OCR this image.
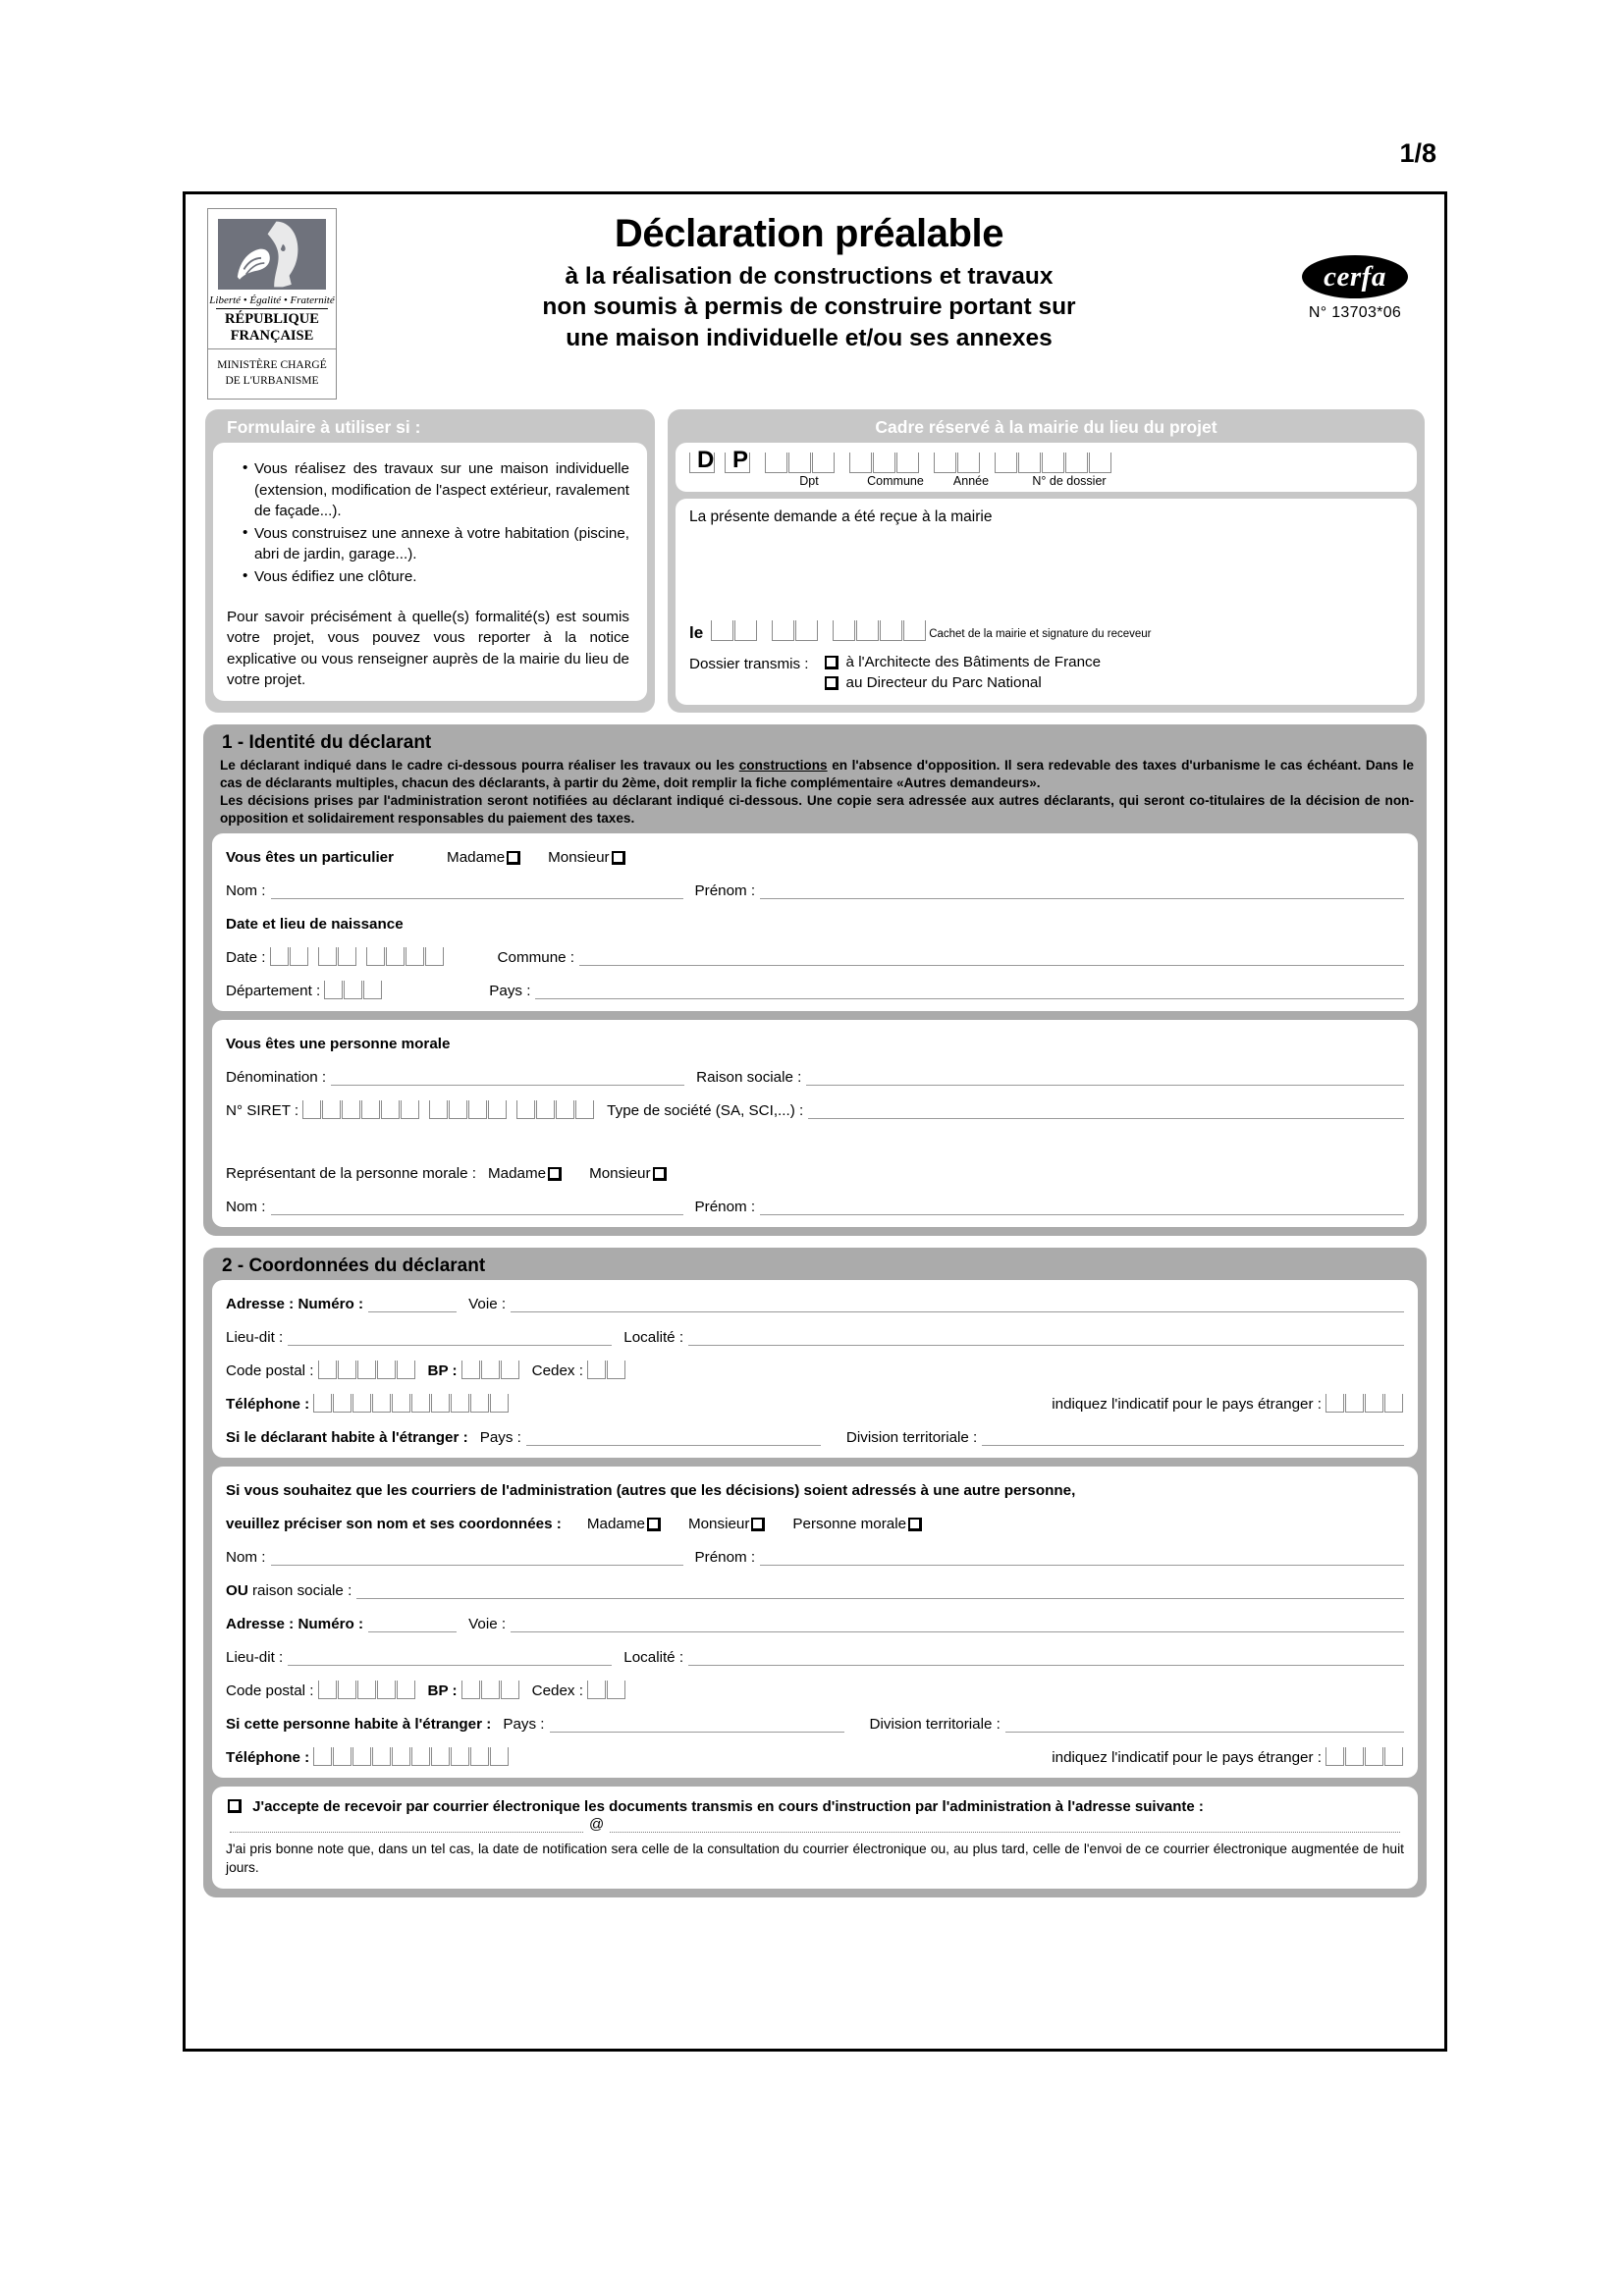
1/8
Liberté • Égalité • Fraternité
RÉPUBLIQUE FRANÇAISE
MINISTÈRE CHARGÉ
DE L'URBANISME
Déclaration préalable
à la réalisation de constructions et travaux
non soumis à permis de construire portant sur
une maison individuelle et/ou ses annexes
cerfa
N° 13703*06
Formulaire à utiliser si :
• Vous réalisez des travaux sur une maison individuelle (extension, modification de l'aspect extérieur, ravalement de façade...).
• Vous construisez une annexe à votre habitation (piscine, abri de jardin, garage...).
• Vous édifiez une clôture.

Pour savoir précisément à quelle(s) formalité(s) est soumis votre projet, vous pouvez vous reporter à la notice explicative ou vous renseigner auprès de la mairie du lieu de votre projet.

Cadre réservé à la mairie du lieu du projet
D P
Dpt	Commune	Année	N° de dossier
La présente demande a été reçue à la mairie
le	Cachet de la mairie et signature du receveur
Dossier transmis :	à l'Architecte des Bâtiments de France
au Directeur du Parc National
1 - Identité du déclarant
Le déclarant indiqué dans le cadre ci-dessous pourra réaliser les travaux ou les constructions en l'absence d'opposition. Il sera redevable des taxes d'urbanisme le cas échéant. Dans le cas de déclarants multiples, chacun des déclarants, à partir du 2ème, doit remplir la fiche complémentaire «Autres demandeurs».
Les décisions prises par l'administration seront notifiées au déclarant indiqué ci-dessous. Une copie sera adressée aux autres déclarants, qui seront co-titulaires de la décision de non-opposition et solidairement responsables du paiement des taxes.
Vous êtes un particulier	Madame	Monsieur
Nom :	Prénom :
Date et lieu de naissance
Date :	Commune :
Département :	Pays :
Vous êtes une personne morale
Dénomination :	Raison sociale :
N° SIRET :	Type de société (SA, SCI,...) :
Représentant de la personne morale : Madame	Monsieur
Nom :	Prénom :
2 - Coordonnées du déclarant
Adresse : Numéro :	Voie :
Lieu-dit :	Localité :
Code postal :	BP :	Cedex :
Téléphone :	indiquez l'indicatif pour le pays étranger :
Si le déclarant habite à l'étranger : Pays :	Division territoriale :
Si vous souhaitez que les courriers de l'administration (autres que les décisions) soient adressés à une autre personne,
veuillez préciser son nom et ses coordonnées : Madame	Monsieur	Personne morale
Nom :	Prénom :
OU raison sociale :
Adresse : Numéro :	Voie :
Lieu-dit :	Localité :
Code postal :	BP :	Cedex :
Si cette personne habite à l'étranger : Pays :	Division territoriale :
Téléphone :	indiquez l'indicatif pour le pays étranger :
J'accepte de recevoir par courrier électronique les documents transmis en cours d'instruction par l'administration à l'adresse suivante :
@
J'ai pris bonne note que, dans un tel cas, la date de notification sera celle de la consultation du courrier électronique ou, au plus tard, celle de l'envoi de ce courrier électronique augmentée de huit jours.
